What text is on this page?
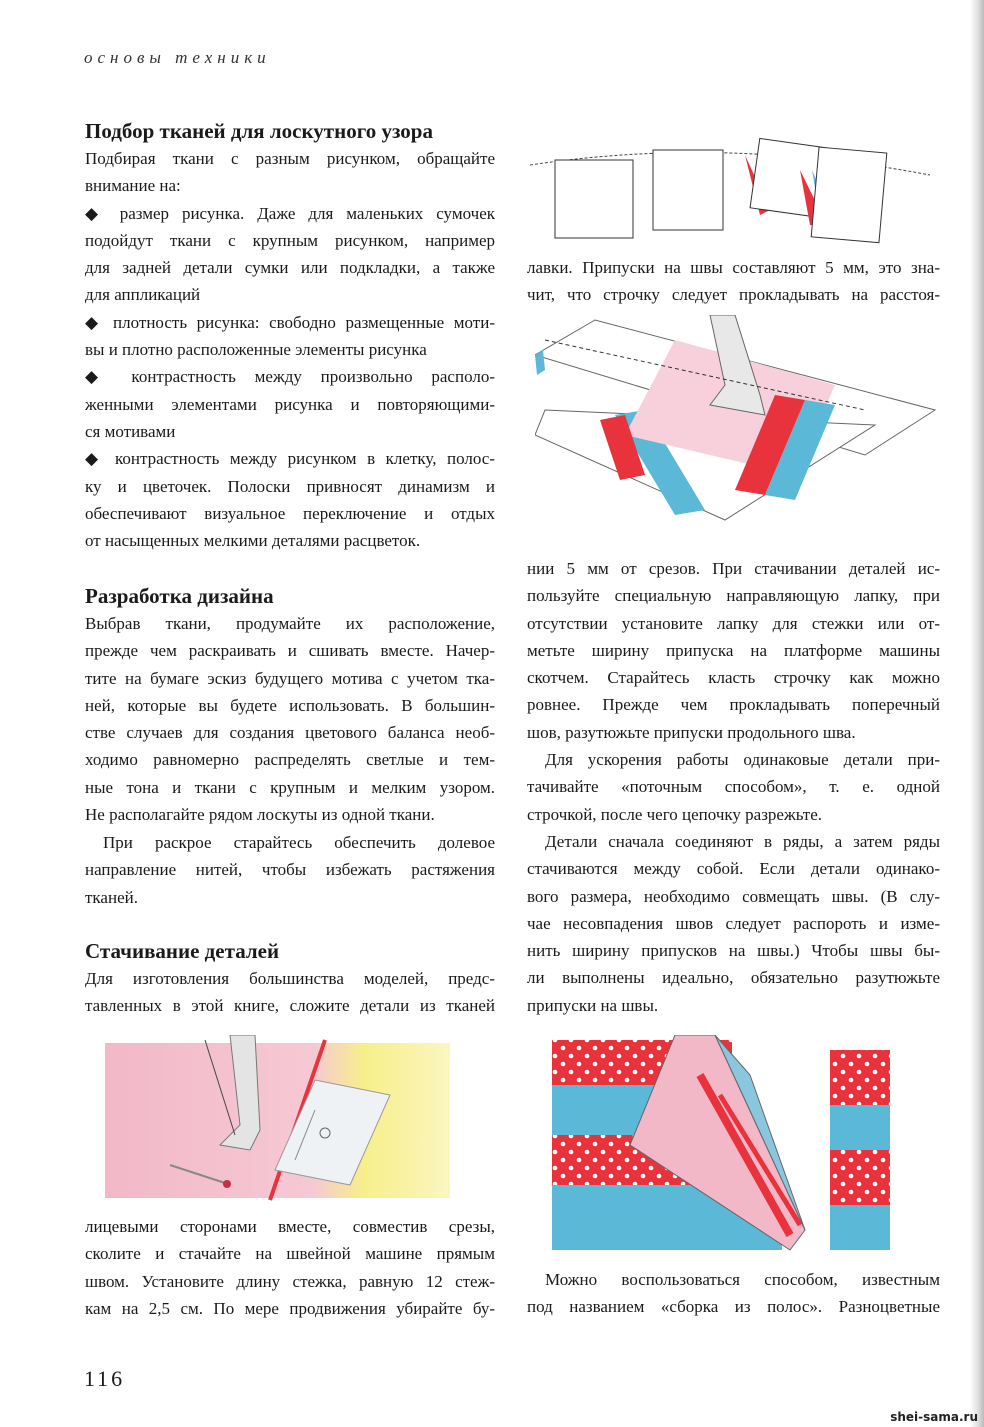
основы техники
Подбор тканей для лоскутного узора
Подбирая ткани с разным рисунком, обращайте
внимание на:
◆ размер рисунка. Даже для маленьких сумочек
подойдут ткани с крупным рисунком, например
для задней детали сумки или подкладки, а также
для аппликаций
◆ плотность рисунка: свободно размещенные моти-
вы и плотно расположенные элементы рисунка
◆ контрастность между произвольно располо-
женными элементами рисунка и повторяющими-
ся мотивами
◆ контрастность между рисунком в клетку, полос-
ку и цветочек. Полоски привносят динамизм и
обеспечивают визуальное переключение и отдых
от насыщенных мелкими деталями расцветок.
Разработка дизайна
Выбрав ткани, продумайте их расположение,
прежде чем раскраивать и сшивать вместе. Начер-
тите на бумаге эскиз будущего мотива с учетом тка-
ней, которые вы будете использовать. В большин-
стве случаев для создания цветового баланса необ-
ходимо равномерно распределять светлые и тем-
ные тона и ткани с крупным и мелким узором.
Не располагайте рядом лоскуты из одной ткани.
При раскрое старайтесь обеспечить долевое
направление нитей, чтобы избежать растяжения
тканей.
Стачивание деталей
Для изготовления большинства моделей, предс-
тавленных в этой книге, сложите детали из тканей
лицевыми сторонами вместе, совместив срезы,
сколите и стачайте на швейной машине прямым
швом. Установите длину стежка, равную 12 стеж-
кам на 2,5 см. По мере продвижения убирайте бу-
лавки. Припуски на швы составляют 5 мм, это зна-
чит, что строчку следует прокладывать на расстоя-
нии 5 мм от срезов. При стачивании деталей ис-
пользуйте специальную направляющую лапку, при
отсутствии установите лапку для стежки или от-
метьте ширину припуска на платформе машины
скотчем. Старайтесь класть строчку как можно
ровнее. Прежде чем прокладывать поперечный
шов, разутюжьте припуски продольного шва.
Для ускорения работы одинаковые детали при-
тачивайте «поточным способом», т. е. одной
строчкой, после чего цепочку разрежьте.
Детали сначала соединяют в ряды, а затем ряды
стачиваются между собой. Если детали одинако-
вого размера, необходимо совмещать швы. (В слу-
чае несовпадения швов следует распороть и изме-
нить ширину припусков на швы.) Чтобы швы бы-
ли выполнены идеально, обязательно разутюжьте
припуски на швы.
Можно воспользоваться способом, известным
под названием «сборка из полос». Разноцветные
116
shei-sama.ru
